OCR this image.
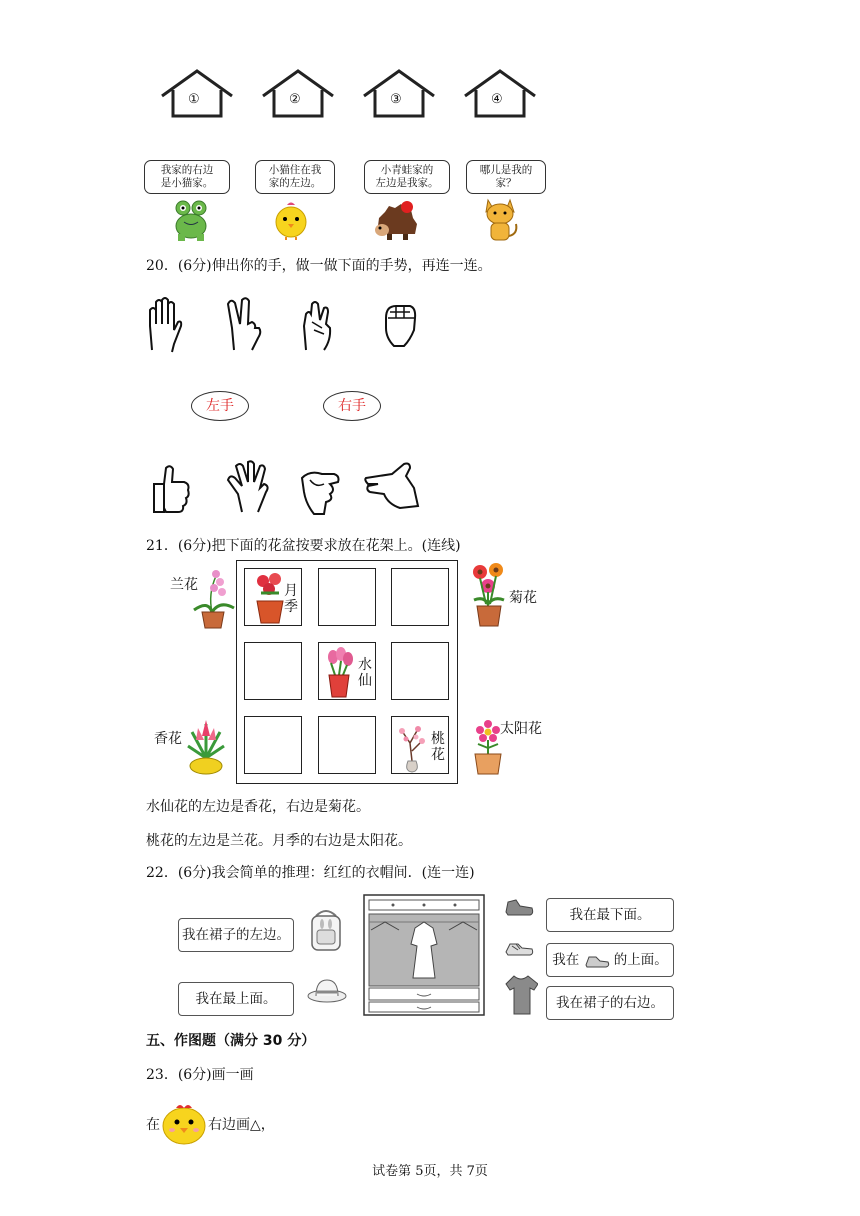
①	②	③	④
我家的右边
是小猫家。
小猫住在我
家的左边。
小青蛙家的
左边是我家。
哪儿是我的
家？
20．(6分)伸出你的手，做一做下面的手势，再连一连。
左手	右手
21．(6分)把下面的花盆按要求放在花架上。(连线)
月
季
水
仙
桃
花
兰花
菊花
香花
太阳花
水仙花的左边是香花，右边是菊花。
桃花的左边是兰花。月季的右边是太阳花。
22．(6分)我会简单的推理：红红的衣帽间．(连一连)
我在裙子的左边。
我在最上面。
我在最下面。
我在	的上面。
我在裙子的右边。
五、作图题（满分 30 分）
23．(6分)画一画
在	右边画△，
试卷第 5页，共 7页
